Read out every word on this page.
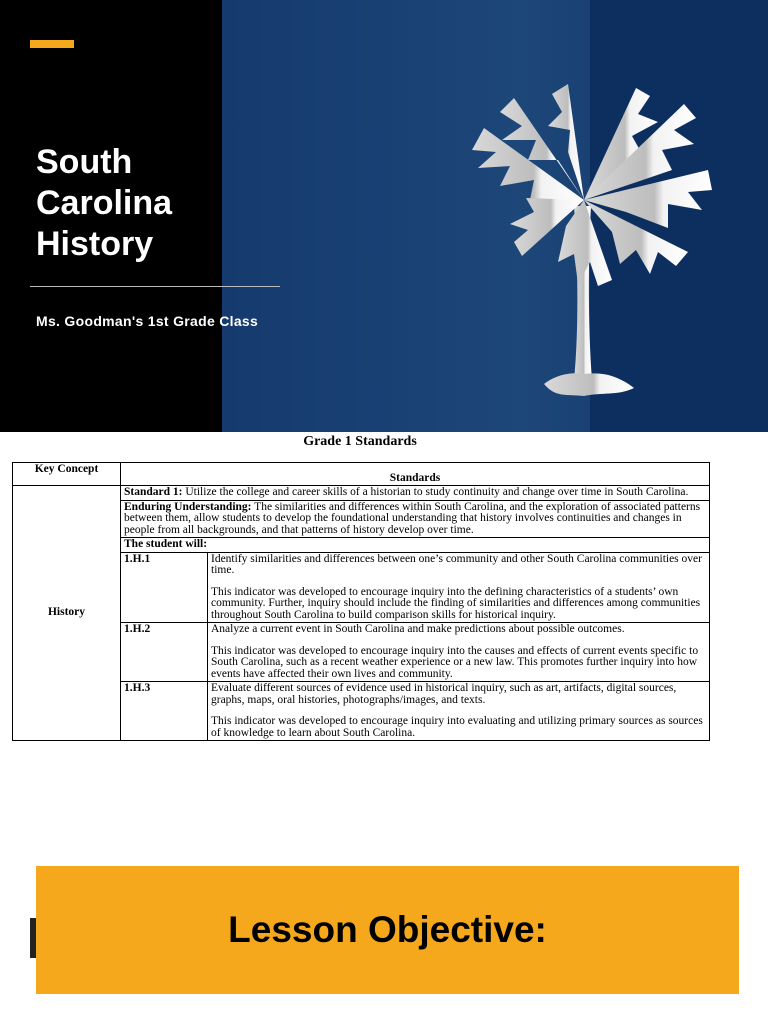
South
Carolina
History
Ms. Goodman's 1st Grade Class
Grade 1 Standards
Key Concept	Standards	
History	Standard 1: Utilize the college and career skills of a historian to study continuity and change over time in South Carolina.	
	Enduring Understanding: The similarities and differences within South Carolina, and the exploration of associated patterns between them, allow students to develop the foundational understanding that history involves continuities and changes in people from all backgrounds, and that patterns of history develop over time.	
	The student will:	
	1.H.1	Identify similarities and differences between one’s community and other South Carolina communities over time.

This indicator was developed to encourage inquiry into the defining characteristics of a students’ own community. Further, inquiry should include the finding of similarities and differences among communities throughout South Carolina to build comparison skills for historical inquiry.

	1.H.2	Analyze a current event in South Carolina and make predictions about possible outcomes.

This indicator was developed to encourage inquiry into the causes and effects of current events specific to South Carolina, such as a recent weather experience or a new law. This promotes further inquiry into how events have affected their own lives and community.

	1.H.3	Evaluate different sources of evidence used in historical inquiry, such as art, artifacts, digital sources, graphs, maps, oral histories, photographs/images, and texts.

This indicator was developed to encourage inquiry into evaluating and utilizing primary sources as sources of knowledge to learn about South Carolina.

Lesson Objective:
